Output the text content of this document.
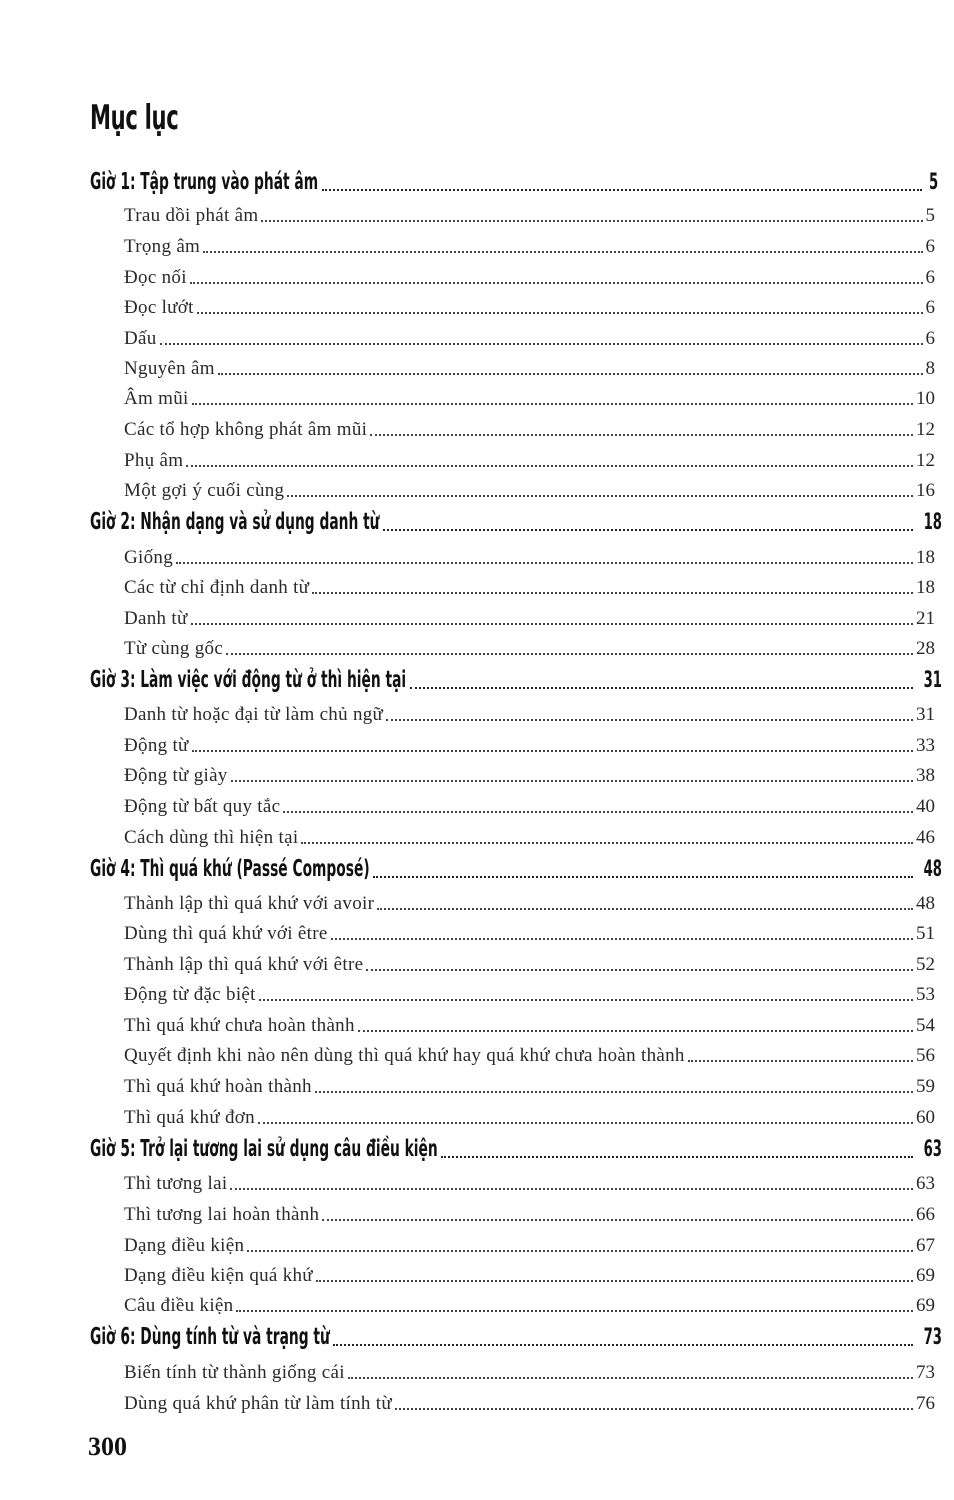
Mục lục
Giờ 1: Tập trung vào phát âm	5
Trau dồi phát âm	5
Trọng âm	6
Đọc nối	6
Đọc lướt	6
Dấu	6
Nguyên âm	8
Âm mũi	10
Các tổ hợp không phát âm mũi	12
Phụ âm	12
Một gợi ý cuối cùng	16
Giờ 2: Nhận dạng và sử dụng danh từ	18
Giống	18
Các từ chỉ định danh từ	18
Danh từ	21
Từ cùng gốc	28
Giờ 3: Làm việc với động từ ở thì hiện tại	31
Danh từ hoặc đại từ làm chủ ngữ	31
Động từ	33
Động từ giày	38
Động từ bất quy tắc	40
Cách dùng thì hiện tại	46
Giờ 4: Thì quá khứ (Passé Composé)	48
Thành lập thì quá khứ với avoir	48
Dùng thì quá khứ với être	51
Thành lập thì quá khứ với être	52
Động từ đặc biệt	53
Thì quá khứ chưa hoàn thành	54
Quyết định khi nào nên dùng thì quá khứ hay quá khứ chưa hoàn thành	56
Thì quá khứ hoàn thành	59
Thì quá khứ đơn	60
Giờ 5: Trở lại tương lai sử dụng câu điều kiện	63
Thì tương lai	63
Thì tương lai hoàn thành	66
Dạng điều kiện	67
Dạng điều kiện quá khứ	69
Câu điều kiện	69
Giờ 6: Dùng tính từ và trạng từ	73
Biến tính từ thành giống cái	73
Dùng quá khứ phân từ làm tính từ	76
300
